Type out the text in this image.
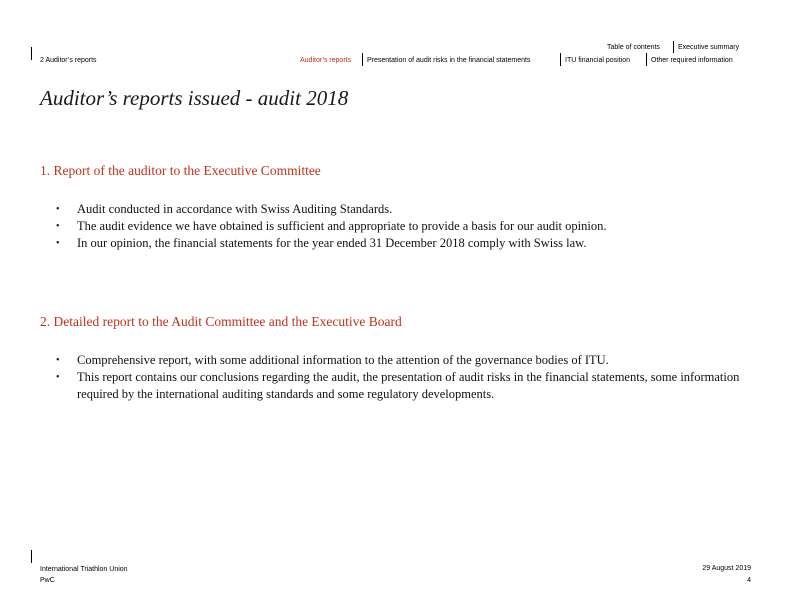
2 Auditor’s reports
Table of contents	Executive summary
Auditor’s reports Presentation of audit risks in the financial statements	ITU financial position	Other required information
Auditor’s reports issued - audit 2018
1. Report of the auditor to the Executive Committee
• Audit conducted in accordance with Swiss Auditing Standards.
• The audit evidence we have obtained is sufficient and appropriate to provide a basis for our audit opinion.
• In our opinion, the financial statements for the year ended 31 December 2018 comply with Swiss law.
2. Detailed report to the Audit Committee and the Executive Board
• Comprehensive report, with some additional information to the attention of the governance bodies of ITU.
• This report contains our conclusions regarding the audit, the presentation of audit risks in the financial statements, some information required by the international auditing standards and some regulatory developments.
International Triathlon Union
PwC
29 August 2019
4
